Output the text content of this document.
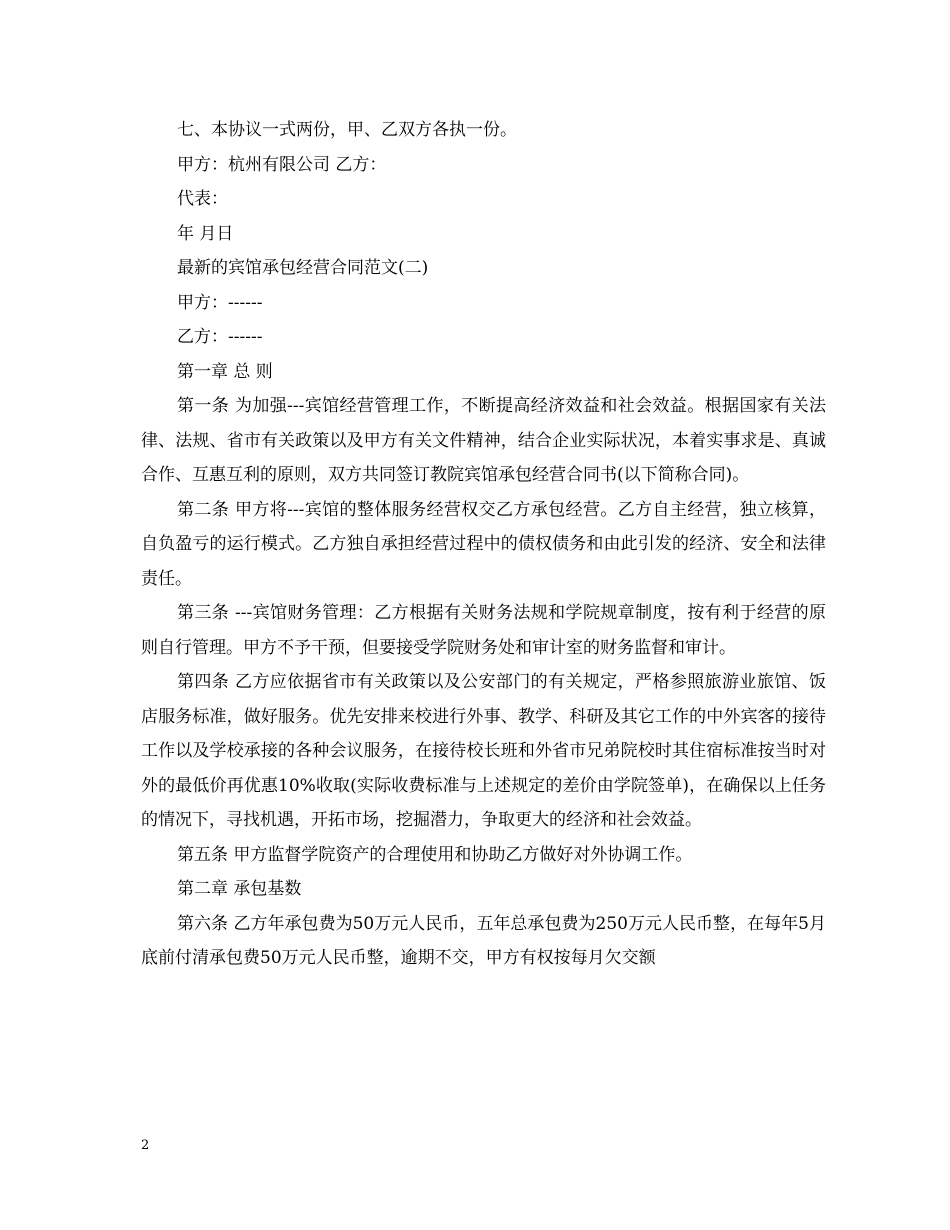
七、本协议一式两份，甲、乙双方各执一份。
甲方：杭州有限公司 乙方：
代表：
年 月日
最新的宾馆承包经营合同范文(二)
甲方：------
乙方：------
第一章 总 则

第一条 为加强---宾馆经营管理工作，不断提高经济效益和社会效益。根据国家有关法律、法规、省市有关政策以及甲方有关文件精神，结合企业实际状况，本着实事求是、真诚合作、互惠互利的原则，双方共同签订教院宾馆承包经营合同书(以下简称合同)。

第二条 甲方将---宾馆的整体服务经营权交乙方承包经营。乙方自主经营，独立核算，自负盈亏的运行模式。乙方独自承担经营过程中的债权债务和由此引发的经济、安全和法律责任。

第三条 ---宾馆财务管理：乙方根据有关财务法规和学院规章制度，按有利于经营的原则自行管理。甲方不予干预，但要接受学院财务处和审计室的财务监督和审计。

第四条 乙方应依据省市有关政策以及公安部门的有关规定，严格参照旅游业旅馆、饭店服务标准，做好服务。优先安排来校进行外事、教学、科研及其它工作的中外宾客的接待工作以及学校承接的各种会议服务，在接待校长班和外省市兄弟院校时其住宿标准按当时对外的最低价再优惠10%收取(实际收费标准与上述规定的差价由学院签单)，在确保以上任务的情况下，寻找机遇，开拓市场，挖掘潜力，争取更大的经济和社会效益。

第五条 甲方监督学院资产的合理使用和协助乙方做好对外协调工作。

第二章 承包基数

第六条 乙方年承包费为50万元人民币，五年总承包费为250万元人民币整，在每年5月底前付清承包费50万元人民币整，逾期不交，甲方有权按每月欠交额

2
